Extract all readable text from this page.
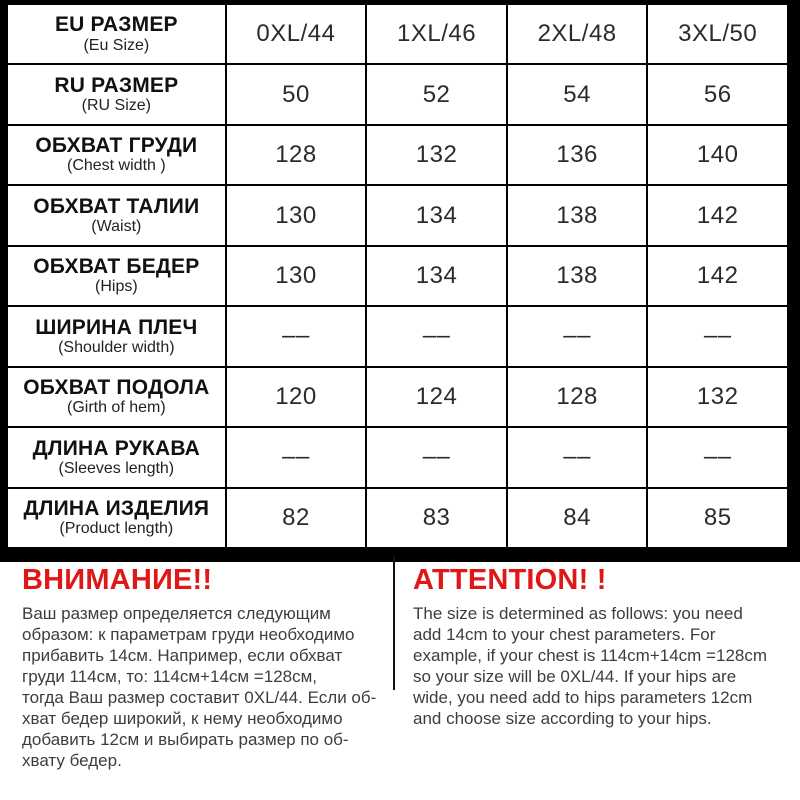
EU РАЗМЕР
(Eu Size)	0XL/44	1XL/46	2XL/48	3XL/50

RU РАЗМЕР
(RU Size)	50	52	54	56

ОБХВАТ ГРУДИ
(Chest width )	128	132	136	140

ОБХВАТ ТАЛИИ
(Waist)	130	134	138	142

ОБХВАТ БЕДЕР
(Hips)	130	134	138	142

ШИРИНА ПЛЕЧ
(Shoulder width)	––	––	––	––

ОБХВАТ ПОДОЛА
(Girth of hem)	120	124	128	132

ДЛИНА РУКАВА
(Sleeves length)	––	––	––	––

ДЛИНА ИЗДЕЛИЯ
(Product length)	82	83	84	85
ВНИМАНИЕ!!

Ваш размер определяется следующим
образом: к параметрам груди необходимо
прибавить 14см. Например, если обхват
груди 114см, то: 114см+14см =128см,
тогда Ваш размер составит 0XL/44. Если об-
хват бедер широкий, к нему необходимо
добавить 12см и выбирать размер по об-
хвату бедер.

ATTENTION! !

The size is determined as follows: you need
add 14cm to your chest parameters. For
example, if your chest is 114cm+14cm =128cm
so your size will be 0XL/44. If your hips are
wide, you need add to hips parameters 12cm
and choose size according to your hips.
